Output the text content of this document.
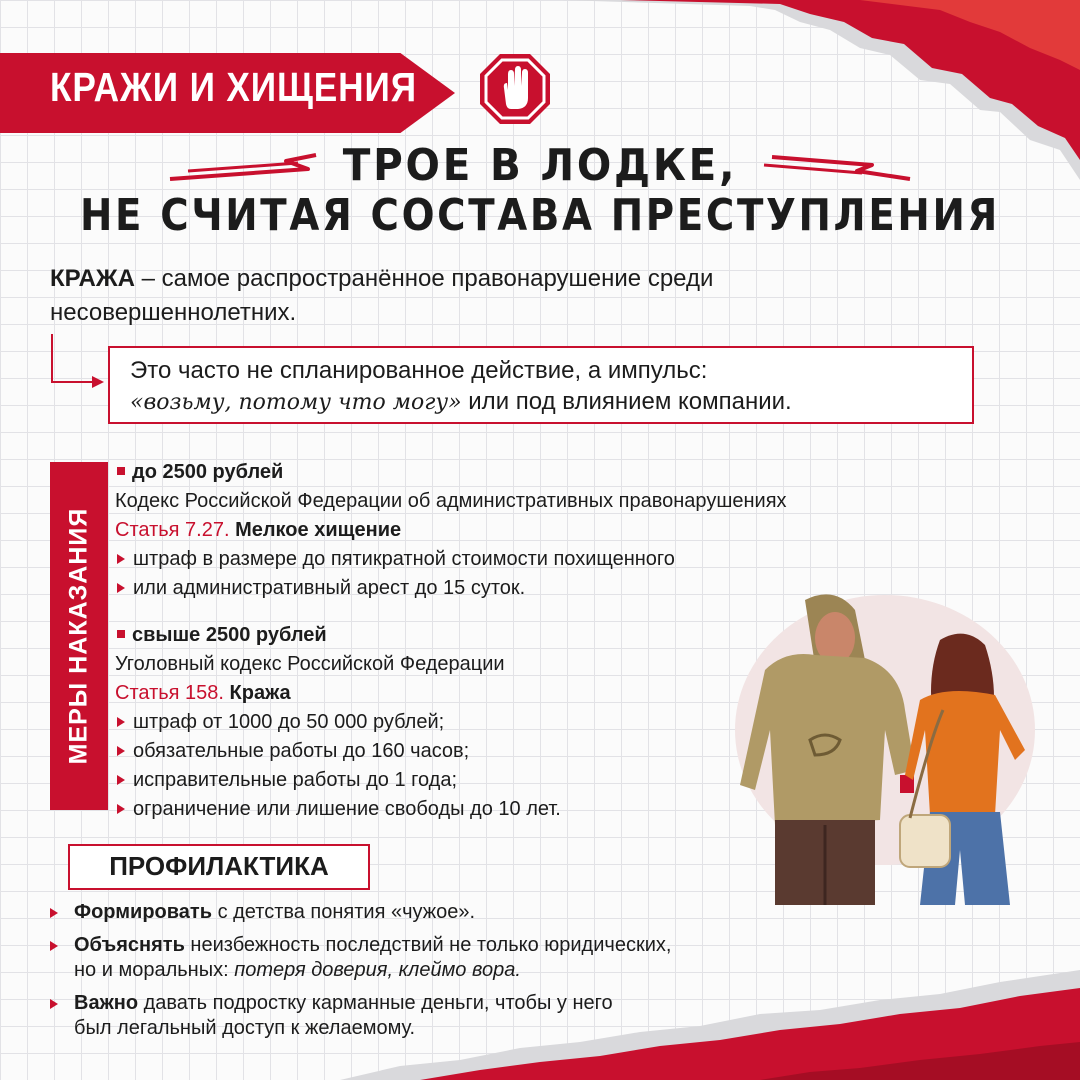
КРАЖИ И ХИЩЕНИЯ
ТРОЕ В ЛОДКЕ,
НЕ СЧИТАЯ СОСТАВА ПРЕСТУПЛЕНИЯ
КРАЖА – самое распространённое правонарушение среди несовершеннолетних.
Это часто не спланированное действие, а импульс:
«возьму, потому что могу» или под влиянием компании.
МЕРЫ НАКАЗАНИЯ
до 2500 рублей
Кодекс Российской Федерации об административных правонарушениях
Статья 7.27. Мелкое хищение
штраф в размере до пятикратной стоимости похищенного
или административный арест до 15 суток.
свыше 2500 рублей
Уголовный кодекс Российской Федерации
Статья 158. Кража
штраф от 1000 до 50 000 рублей;
обязательные работы до 160 часов;
исправительные работы до 1 года;
ограничение или лишение свободы до 10 лет.
ПРОФИЛАКТИКА
Формировать с детства понятия «чужое».
Объяснять неизбежность последствий не только юридических,
но и моральных: потеря доверия, клеймо вора.
Важно давать подростку карманные деньги, чтобы у него
был легальный доступ к желаемому.
